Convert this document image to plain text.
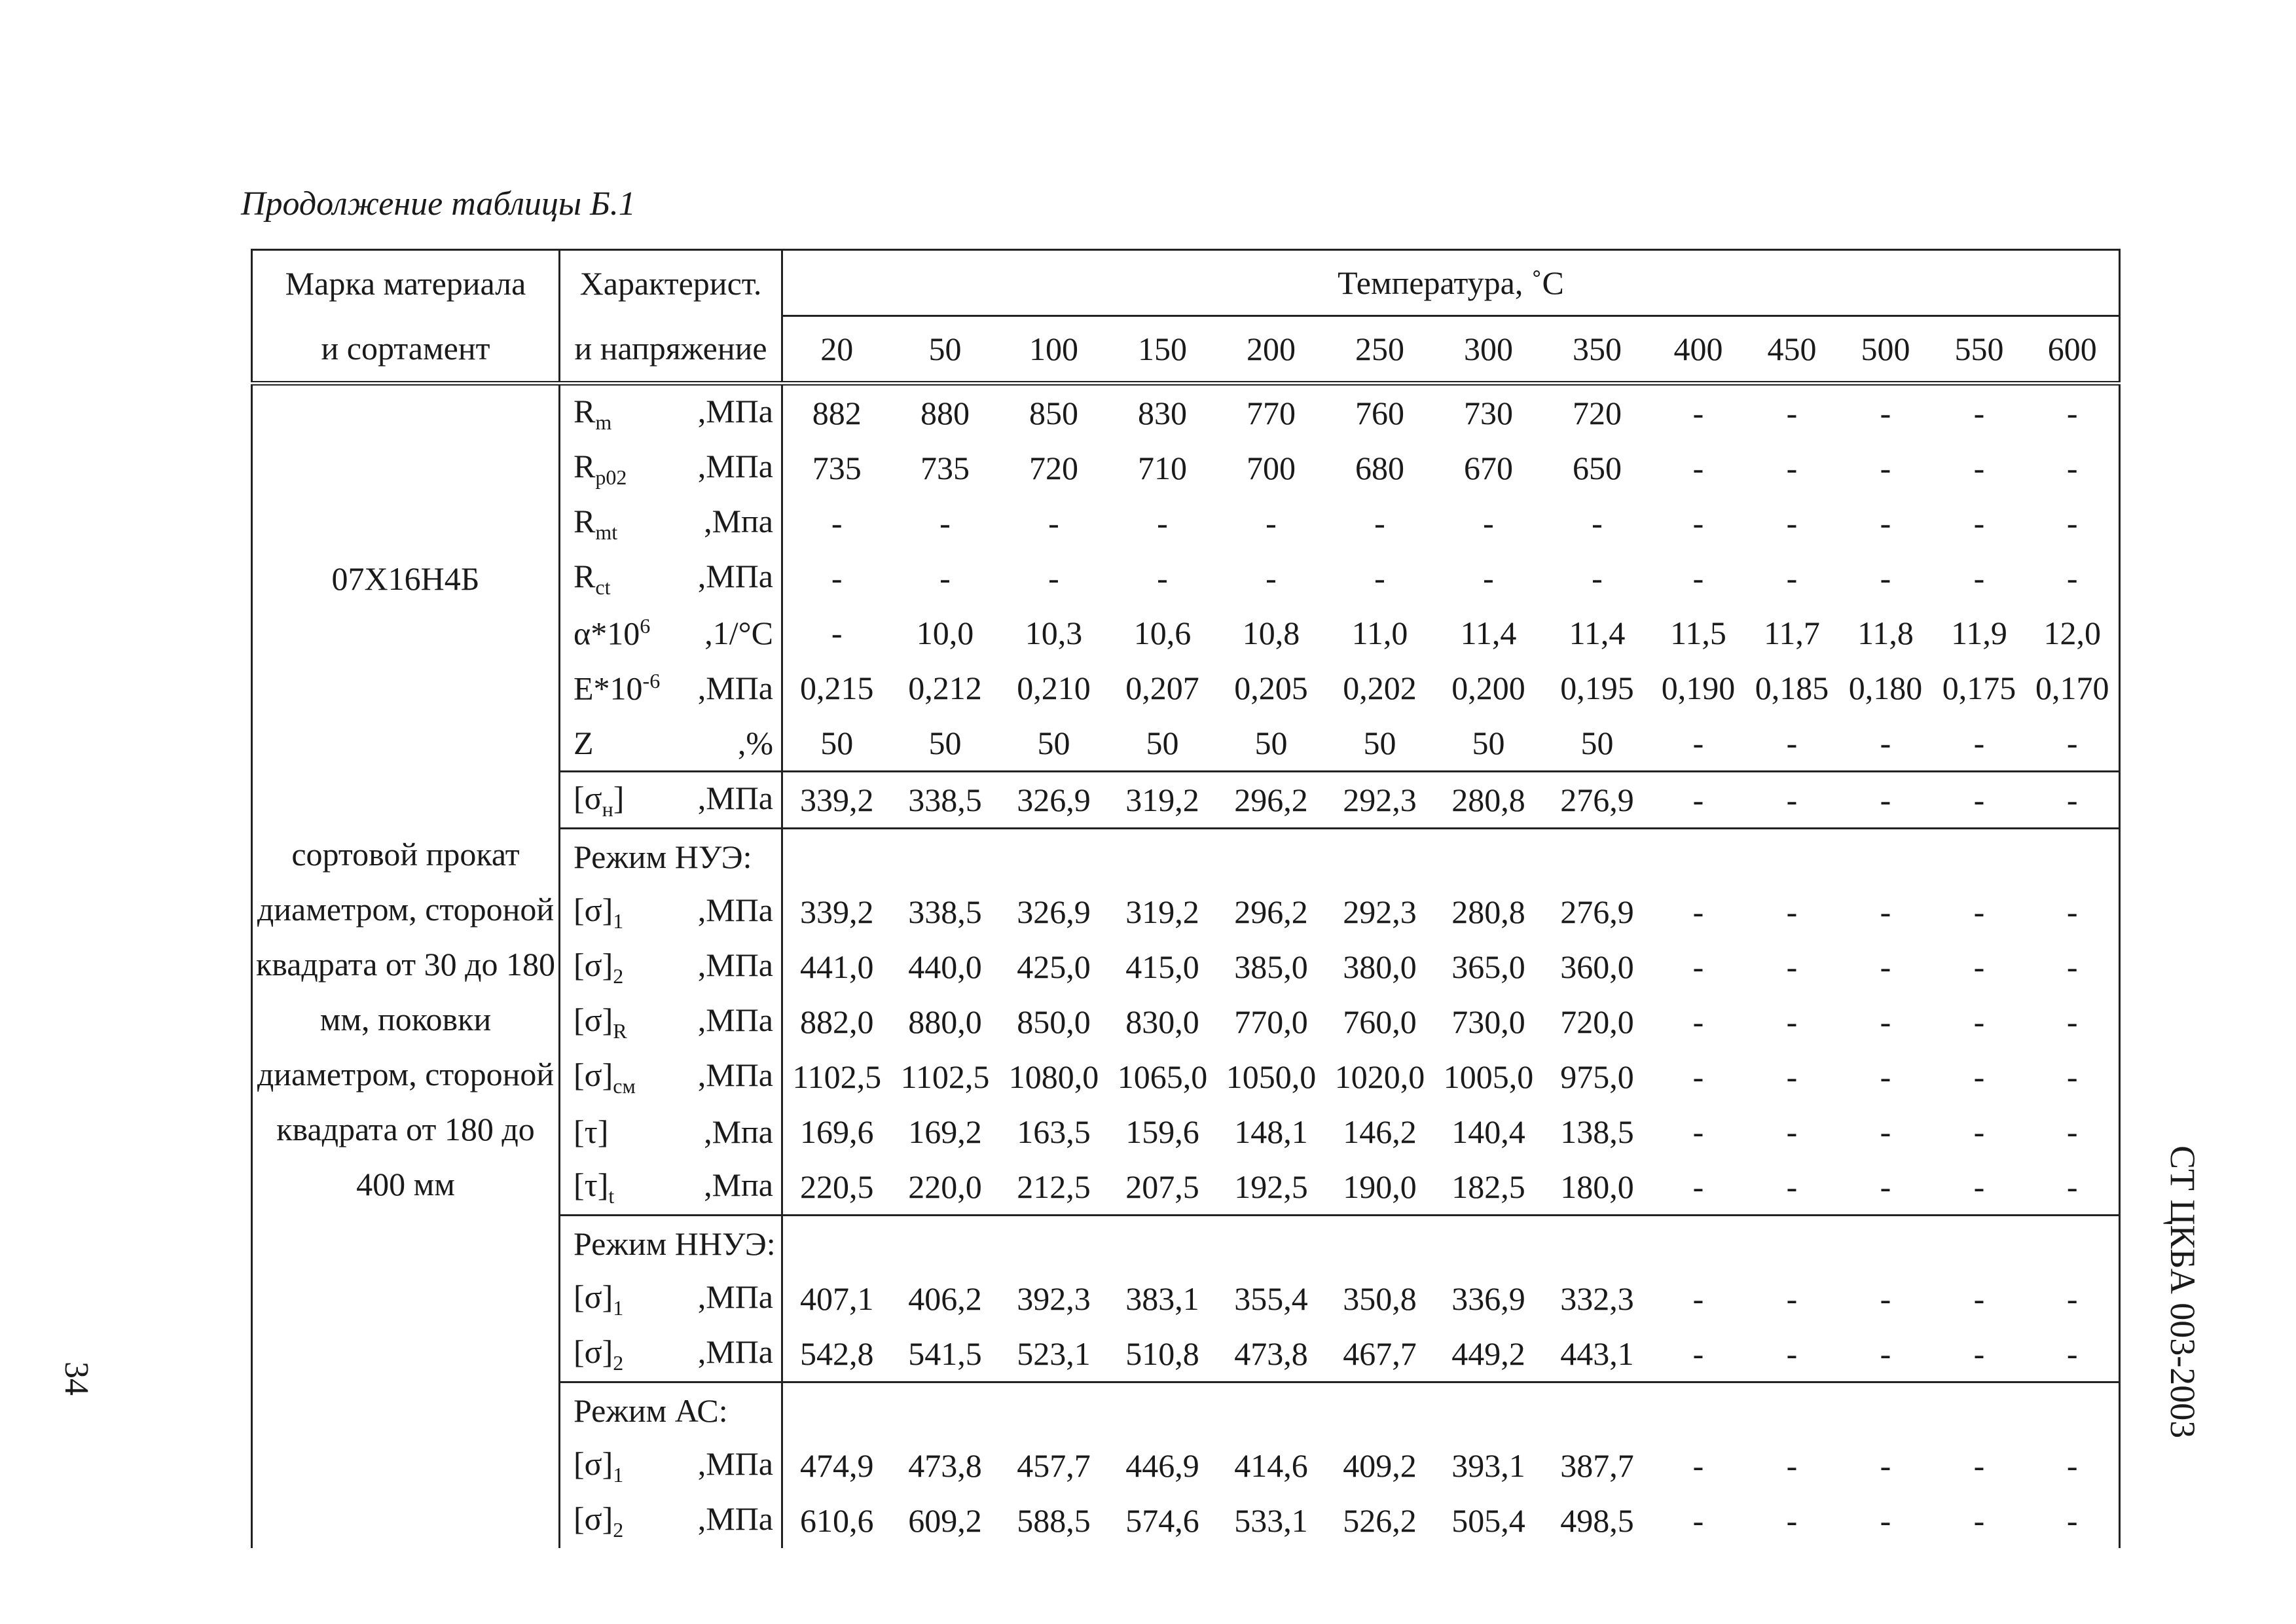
Продолжение таблицы Б.1
34	СТ ЦКБА 003-2003
Марка материала	Характерист.	Температура, ˚С												
и сортамент	и напряжение	20	50	100	150	200	250	300	350	400	450	500	550	600
07Х16Н4Б	$R_m$ ,МПа	882	880	850	830	770	760	730	720	-	-	-	-	-
	$R_{p02}$ ,МПа	735	735	720	710	700	680	670	650	-	-	-	-	-
	$R_{mt}$ ,Мпа	-	-	-	-	-	-	-	-	-	-	-	-	-
	$R_{ct}$ ,МПа	-	-	-	-	-	-	-	-	-	-	-	-	-
	$\alpha*10^6$ ,1/°C	-	10,0	10,3	10,6	10,8	11,0	11,4	11,4	11,5	11,7	11,8	11,9	12,0
	$E*10^{-6}$ ,МПа	0,215	0,212	0,210	0,207	0,205	0,202	0,200	0,195	0,190	0,185	0,180	0,175	0,170
	Z ,%	50	50	50	50	50	50	50	50	-	-	-	-	-
сортовой прокат диаметром, стороной квадрата от 30 до 180 мм, поковки диаметром, стороной квадрата от 180 до 400 мм	$[\sigma_н]$ ,МПа	339,2	338,5	326,9	319,2	296,2	292,3	280,8	276,9	-	-	-	-	-
	Режим НУЭ:													
	$[\sigma]_1$ ,МПа	339,2	338,5	326,9	319,2	296,2	292,3	280,8	276,9	-	-	-	-	-
	$[\sigma]_2$ ,МПа	441,0	440,0	425,0	415,0	385,0	380,0	365,0	360,0	-	-	-	-	-
	$[\sigma]_R$ ,МПа	882,0	880,0	850,0	830,0	770,0	760,0	730,0	720,0	-	-	-	-	-
	$[\sigma]_{см}$ ,МПа	1102,5	1102,5	1080,0	1065,0	1050,0	1020,0	1005,0	975,0	-	-	-	-	-
	[τ] ,Мпа	169,6	169,2	163,5	159,6	148,1	146,2	140,4	138,5	-	-	-	-	-
	$[\tau]_t$ ,Мпа	220,5	220,0	212,5	207,5	192,5	190,0	182,5	180,0	-	-	-	-	-
	Режим ННУЭ:													
	$[\sigma]_1$ ,МПа	407,1	406,2	392,3	383,1	355,4	350,8	336,9	332,3	-	-	-	-	-
	$[\sigma]_2$ ,МПа	542,8	541,5	523,1	510,8	473,8	467,7	449,2	443,1	-	-	-	-	-
	Режим АС:													
	$[\sigma]_1$ ,МПа	474,9	473,8	457,7	446,9	414,6	409,2	393,1	387,7	-	-	-	-	-
	$[\sigma]_2$ ,МПа	610,6	609,2	588,5	574,6	533,1	526,2	505,4	498,5	-	-	-	-	-
